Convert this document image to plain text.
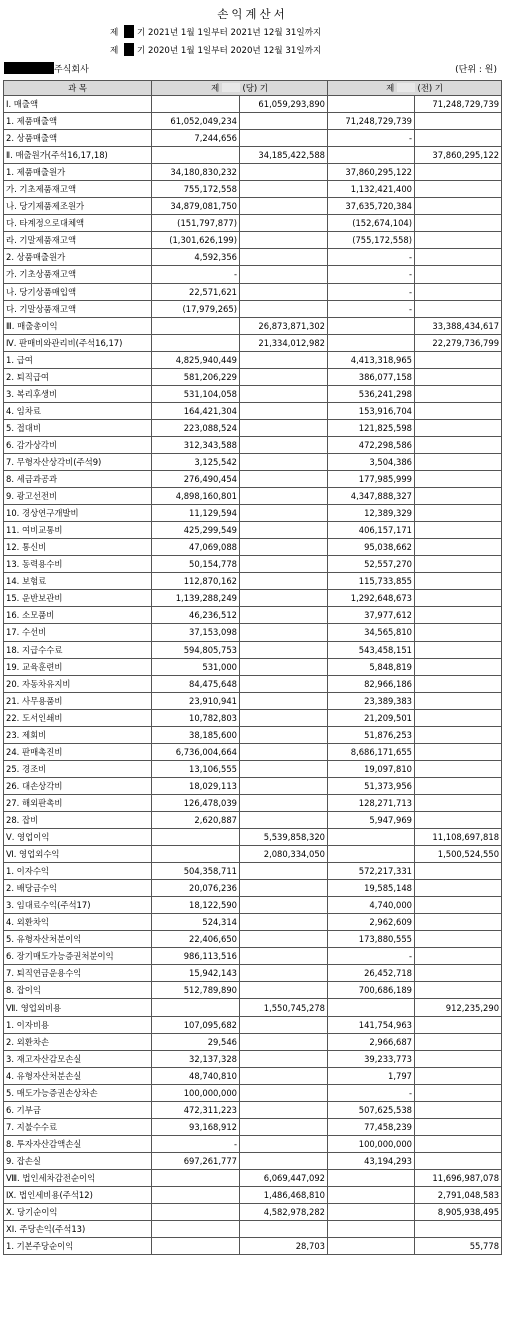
손익계산서
제 기 2021년 1월 1일부터 2021년 12월 31일까지
제 기 2020년 1월 1일부터 2020년 12월 31일까지
주식회사	(단위 : 원)
과 목	제 (당) 기		제 (전) 기	
Ⅰ. 매출액		61,059,293,890		71,248,729,739
1. 제품매출액	61,052,049,234		71,248,729,739	
2. 상품매출액	7,244,656		-	
Ⅱ. 매출원가(주석16,17,18)		34,185,422,588		37,860,295,122
1. 제품매출원가	34,180,830,232		37,860,295,122	
가. 기초제품재고액	755,172,558		1,132,421,400	
나. 당기제품제조원가	34,879,081,750		37,635,720,384	
다. 타계정으로대체액	(151,797,877)		(152,674,104)	
라. 기말제품재고액	(1,301,626,199)		(755,172,558)	
2. 상품매출원가	4,592,356		-	
가. 기초상품재고액	-		-	
나. 당기상품매입액	22,571,621		-	
다. 기말상품재고액	(17,979,265)		-	
Ⅲ. 매출총이익		26,873,871,302		33,388,434,617
Ⅳ. 판매비와관리비(주석16,17)		21,334,012,982		22,279,736,799
1. 급여	4,825,940,449		4,413,318,965	
2. 퇴직급여	581,206,229		386,077,158	
3. 복리후생비	531,104,058		536,241,298	
4. 임차료	164,421,304		153,916,704	
5. 접대비	223,088,524		121,825,598	
6. 감가상각비	312,343,588		472,298,586	
7. 무형자산상각비(주석9)	3,125,542		3,504,386	
8. 세금과공과	276,490,454		177,985,999	
9. 광고선전비	4,898,160,801		4,347,888,327	
10. 경상연구개발비	11,129,594		12,389,329	
11. 여비교통비	425,299,549		406,157,171	
12. 통신비	47,069,088		95,038,662	
13. 동력용수비	50,154,778		52,557,270	
14. 보험료	112,870,162		115,733,855	
15. 운반보관비	1,139,288,249		1,292,648,673	
16. 소모품비	46,236,512		37,977,612	
17. 수선비	37,153,098		34,565,810	
18. 지급수수료	594,805,753		543,458,151	
19. 교육훈련비	531,000		5,848,819	
20. 자동차유지비	84,475,648		82,966,186	
21. 사무용품비	23,910,941		23,389,383	
22. 도서인쇄비	10,782,803		21,209,501	
23. 제회비	38,185,600		51,876,253	
24. 판매촉진비	6,736,004,664		8,686,171,655	
25. 경조비	13,106,555		19,097,810	
26. 대손상각비	18,029,113		51,373,956	
27. 해외판촉비	126,478,039		128,271,713	
28. 잡비	2,620,887		5,947,969	
Ⅴ. 영업이익		5,539,858,320		11,108,697,818
Ⅵ. 영업외수익		2,080,334,050		1,500,524,550
1. 이자수익	504,358,711		572,217,331	
2. 배당금수익	20,076,236		19,585,148	
3. 임대료수익(주석17)	18,122,590		4,740,000	
4. 외환차익	524,314		2,962,609	
5. 유형자산처분이익	22,406,650		173,880,555	
6. 장기매도가능증권처분이익	986,113,516		-	
7. 퇴직연금운용수익	15,942,143		26,452,718	
8. 잡이익	512,789,890		700,686,189	
Ⅶ. 영업외비용		1,550,745,278		912,235,290
1. 이자비용	107,095,682		141,754,963	
2. 외환차손	29,546		2,966,687	
3. 재고자산감모손실	32,137,328		39,233,773	
4. 유형자산처분손실	48,740,810		1,797	
5. 매도가능증권손상차손	100,000,000		-	
6. 기부금	472,311,223		507,625,538	
7. 지불수수료	93,168,912		77,458,239	
8. 투자자산감액손실	-		100,000,000	
9. 잡손실	697,261,777		43,194,293	
Ⅷ. 법인세차감전순이익		6,069,447,092		11,696,987,078
Ⅸ. 법인세비용(주석12)		1,486,468,810		2,791,048,583
Ⅹ. 당기순이익		4,582,978,282		8,905,938,495
ⅩⅠ. 주당손익(주석13)				
1. 기본주당순이익		28,703		55,778
